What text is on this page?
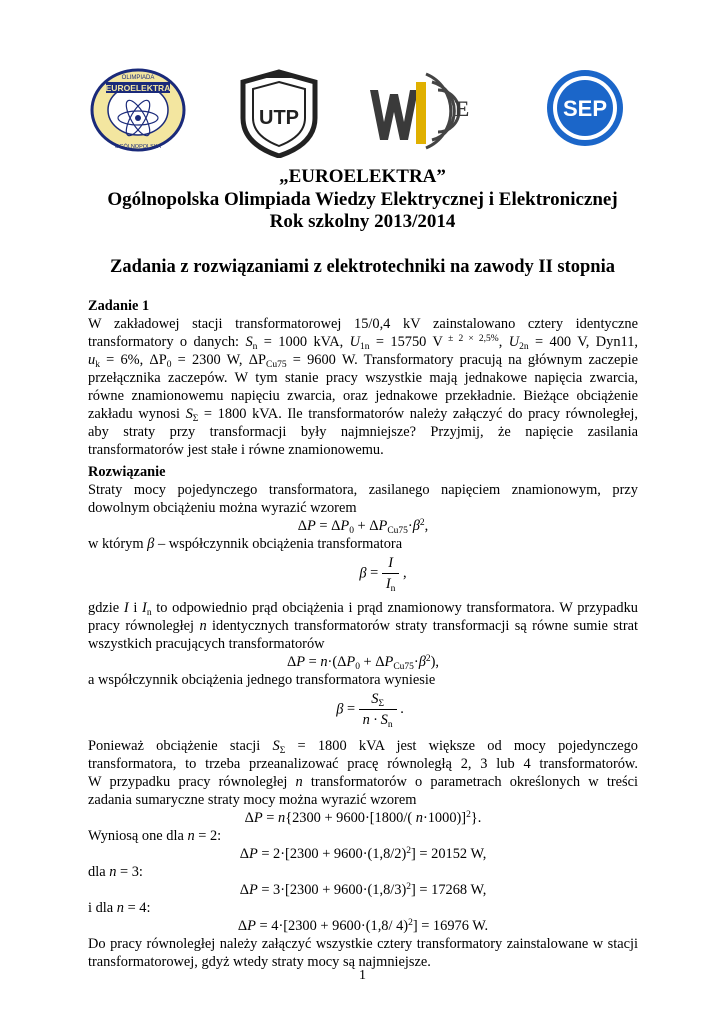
EUROELEKTRA
OLIMPIADA
OGÓLNOPOLSKA
UTP	E	SEP
„EUROELEKTRA”
Ogólnopolska Olimpiada Wiedzy Elektrycznej i Elektronicznej
Rok szkolny 2013/2014
Zadania z rozwiązaniami z elektrotechniki na zawody II stopnia
Zadanie 1
W zakładowej stacji transformatorowej 15/0,4 kV zainstalowano cztery identyczne
transformatory o danych: $S_n = 1000$ kVA, $U_{1n} = 15750$ V $^{\pm 2 \times 2,5\%}$, $U_{2n} = 400$ V, Dyn11,
$u_k = 6\%$, $\Delta P_0 = 2300$ W, $\Delta P_{Cu75} = 9600$ W. Transformatory pracują na głównym zaczepie
przełącznika zaczepów. W tym stanie pracy wszystkie mają jednakowe napięcia zwarcia,
równe znamionowemu napięciu zwarcia, oraz jednakowe przekładnie. Bieżące obciążenie
zakładu wynosi $S_\Sigma = 1800$ kVA. Ile transformatorów należy załączyć do pracy równoległej,
aby straty przy transformacji były najmniejsze? Przyjmij, że napięcie zasilania
transformatorów jest stałe i równe znamionowemu.
Rozwiązanie
Straty mocy pojedynczego transformatora, zasilanego napięciem znamionowym, przy
dowolnym obciążeniu można wyrazić wzorem
$\Delta P = \Delta P_0 + \Delta P_{Cu75}\cdot\beta^2$,
w którym β – współczynnik obciążenia transformatora
$\beta = \frac{I}{I_n}$ ,
gdzie I i $I_n$ to odpowiednio prąd obciążenia i prąd znamionowy transformatora. W przypadku
pracy równoległej n identycznych transformatorów straty transformacji są równe sumie strat
wszystkich pracujących transformatorów
$\Delta P = n\cdot(\Delta P_0 + \Delta P_{Cu75}\cdot\beta^2)$,
a współczynnik obciążenia jednego transformatora wyniesie
$\beta = \frac{S_\Sigma}{n \cdot S_n}$ .
Ponieważ obciążenie stacji $S_\Sigma = 1800$ kVA jest większe od mocy pojedynczego
transformatora, to trzeba przeanalizować pracę równoległą 2, 3 lub 4 transformatorów.
W przypadku pracy równoległej n transformatorów o parametrach określonych w treści
zadania sumaryczne straty mocy można wyrazić wzorem
ΔP = n{2300 + 9600·[1800/( n·1000)]$^2$}.
Wyniosą one dla n = 2:
$\Delta P = 2\cdot[2300 + 9600\cdot(1,8/2)^2] = 20152$ W,
dla n = 3:
$\Delta P = 3\cdot[2300 + 9600\cdot(1,8/3)^2] = 17268$ W,
i dla n = 4:
ΔP = 4·[2300 + 9600·(1,8/ 4)$^2$] = 16976 W.
Do pracy równoległej należy załączyć wszystkie cztery transformatory zainstalowane w stacji
transformatorowej, gdyż wtedy straty mocy są najmniejsze.
1
